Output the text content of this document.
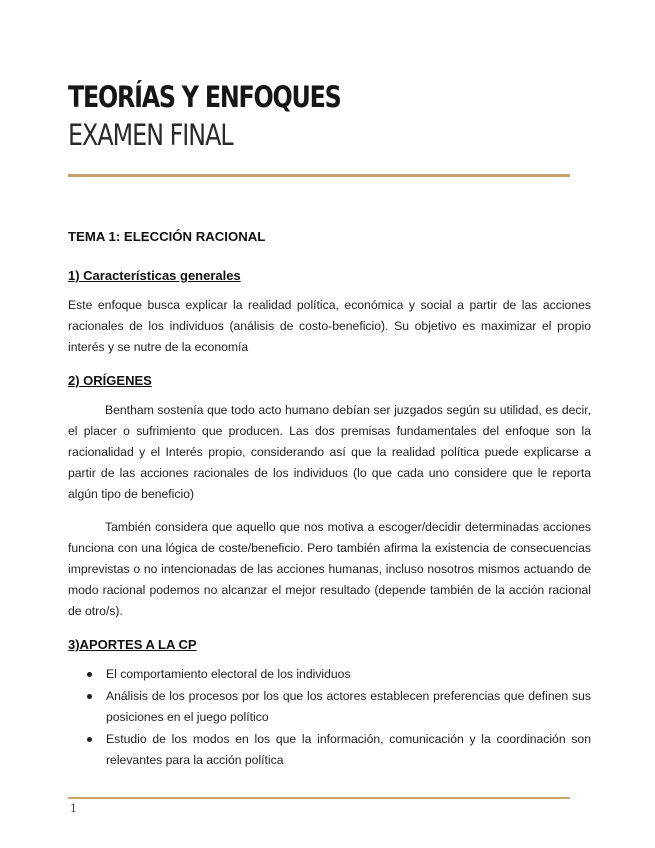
TEORÍAS Y ENFOQUES
EXAMEN FINAL
TEMA 1: ELECCIÓN RACIONAL
1) Características generales

Este enfoque busca explicar la realidad política, económica y social a partir de las acciones racionales de los individuos (análisis de costo-beneficio). Su objetivo es maximizar el propio interés y se nutre de la economía

2) ORÍGENES

Bentham sostenía que todo acto humano debían ser juzgados según su utilidad, es decir, el placer o sufrimiento que producen. Las dos premisas fundamentales del enfoque son la racionalidad y el Interés propio, considerando así que la realidad política puede explicarse a partir de las acciones racionales de los individuos (lo que cada uno considere que le reporta algún tipo de beneficio)

También considera que aquello que nos motiva a escoger/decidir determinadas acciones funciona con una lógica de coste/beneficio. Pero también afirma la existencia de consecuencias imprevistas o no intencionadas de las acciones humanas, incluso nosotros mismos actuando de modo racional podemos no alcanzar el mejor resultado (depende también de la acción racional de otro/s).

3)APORTES A LA CP
El comportamiento electoral de los individuos
Análisis de los procesos por los que los actores establecen preferencias que definen sus posiciones en el juego político
Estudio de los modos en los que la información, comunicación y la coordinación son relevantes para la acción política
1
